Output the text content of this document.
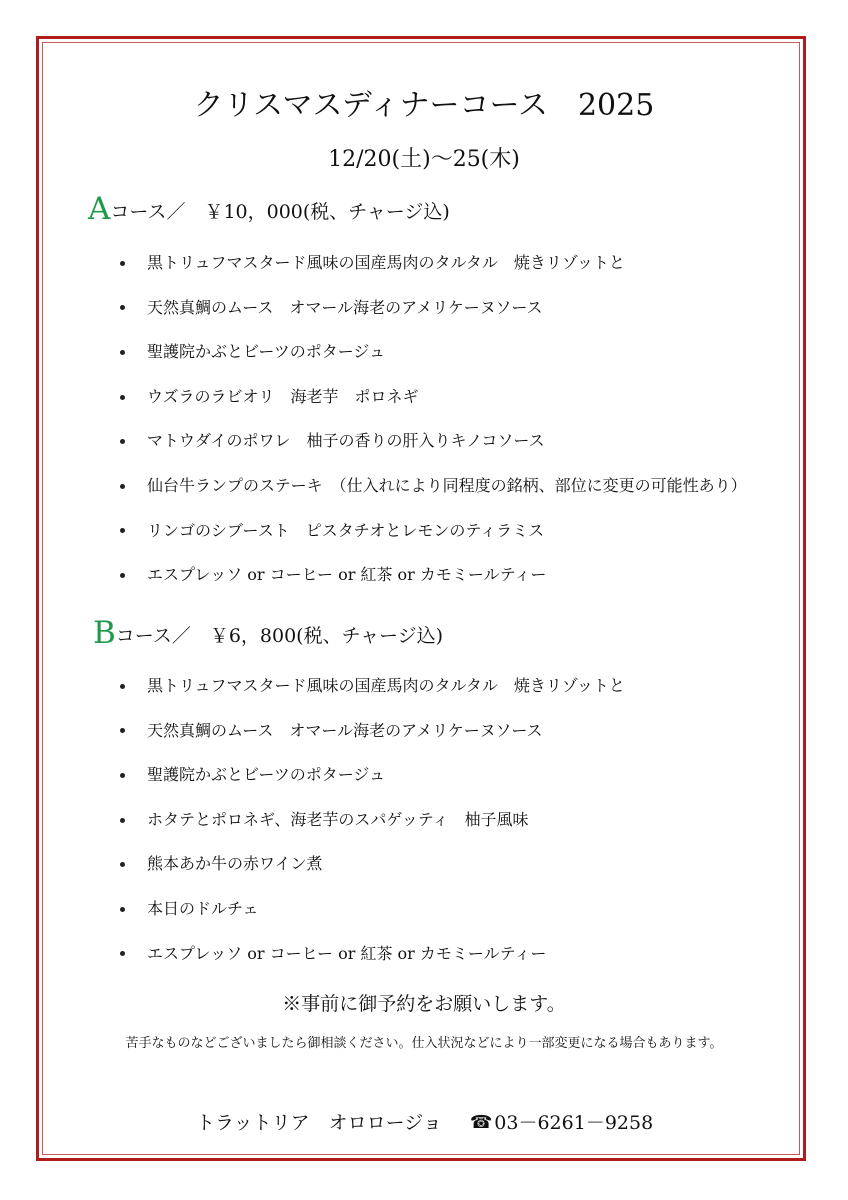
クリスマスディナーコース　2025
12/20(土)～25(木)
Aコース／　￥10，000(税、チャージ込)
黒トリュフマスタード風味の国産馬肉のタルタル　焼きリゾットと
天然真鯛のムース　オマール海老のアメリケーヌソース
聖護院かぶとビーツのポタージュ
ウズラのラビオリ　海老芋　ポロネギ
マトウダイのポワレ　柚子の香りの肝入りキノコソース
仙台牛ランプのステーキ　（仕入れにより同程度の銘柄、部位に変更の可能性あり）
リンゴのシブースト　ピスタチオとレモンのティラミス
エスプレッソ or コーヒー or 紅茶 or カモミールティー
Bコース／　￥6，800(税、チャージ込)
黒トリュフマスタード風味の国産馬肉のタルタル　焼きリゾットと
天然真鯛のムース　オマール海老のアメリケーヌソース
聖護院かぶとビーツのポタージュ
ホタテとポロネギ、海老芋のスパゲッティ　柚子風味
熊本あか牛の赤ワイン煮
本日のドルチェ
エスプレッソ or コーヒー or 紅茶 or カモミールティー
※事前に御予約をお願いします。
苦手なものなどございましたら御相談ください。仕入状況などにより一部変更になる場合もあります。
トラットリア　オロロージョ ☎ 03－6261－9258
